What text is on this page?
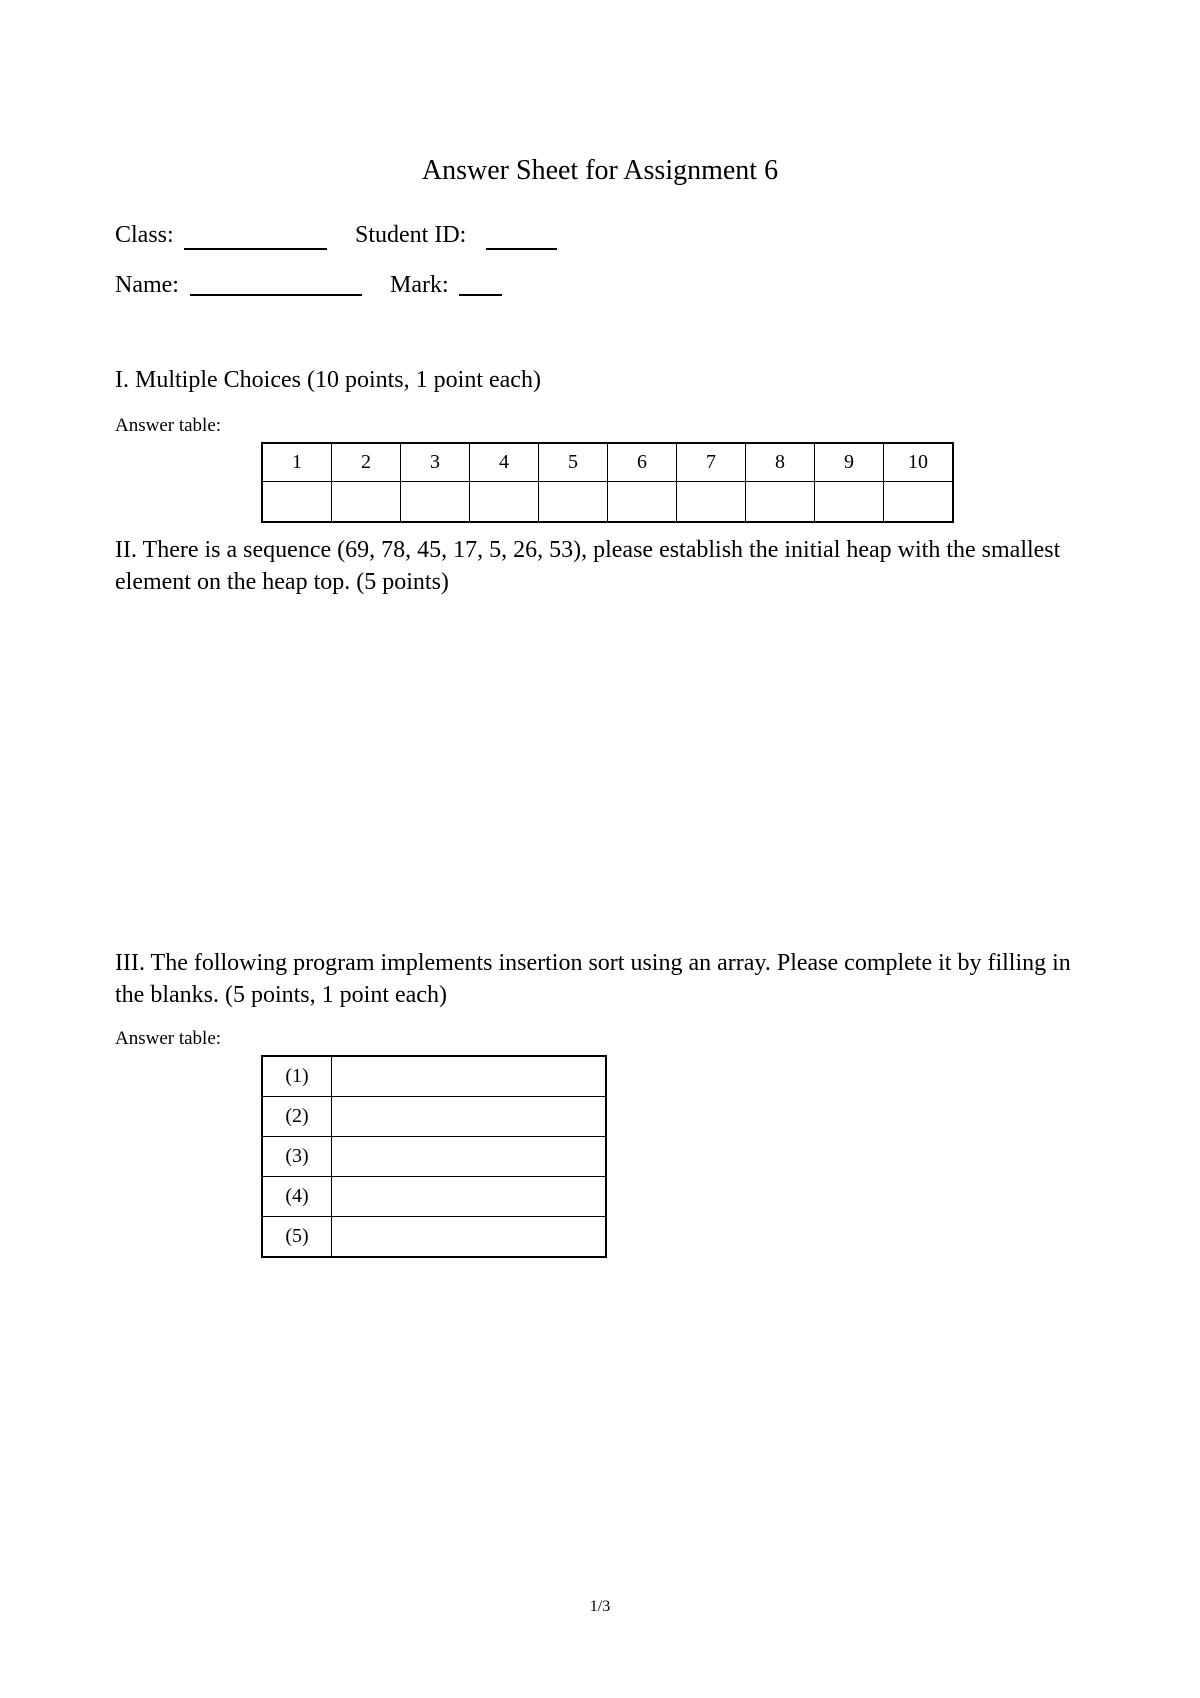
Answer Sheet for Assignment 6
Class:	Student ID:
Name:	Mark:
I. Multiple Choices (10 points, 1 point each)
Answer table:
1	2	3	4	5	6	7	8	9	10

II. There is a sequence (69, 78, 45, 17, 5, 26, 53), please establish the initial heap with the smallest element on the heap top. (5 points)
III. The following program implements insertion sort using an array. Please complete it by filling in the blanks. (5 points, 1 point each)
Answer table:
(1)	
(2)	
(3)	
(4)	
(5)	
1/3
